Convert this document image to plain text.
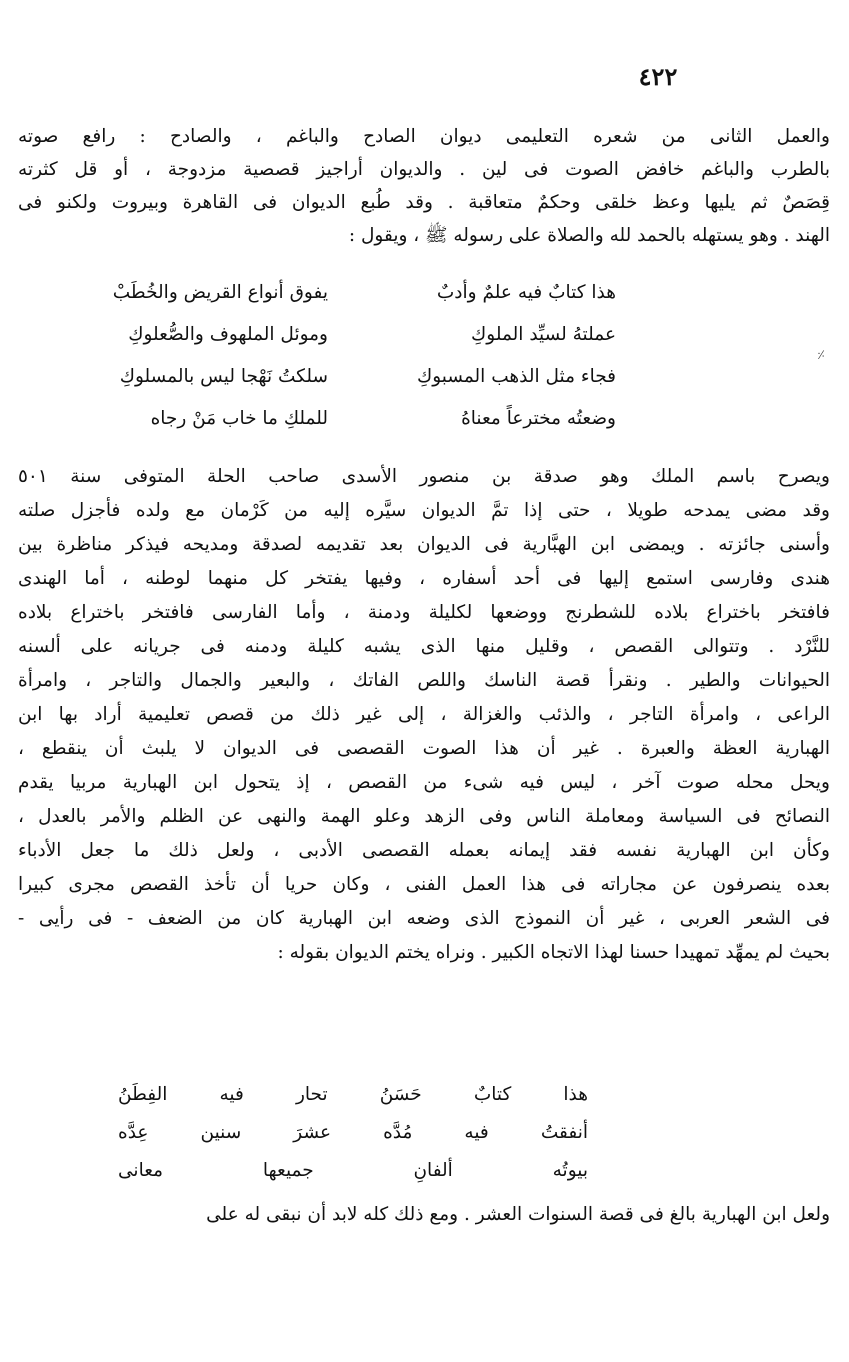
٤٢٢

والعمل الثانى من شعره التعليمى ديوان الصادح والباغم ، والصادح : رافع صوته
بالطرب والباغم خافض الصوت فى لين . والديوان أراجيز قصصية مزدوجة ، أو قل كثرته
قِصَصٌ ثم يليها وعظ خلقى وحكمٌ متعاقبة . وقد طُبع الديوان فى القاهرة وبيروت ولكنو فى
الهند . وهو يستهله بالحمد لله والصلاة على رسوله ﷺ ، ويقول :

هذا كتابٌ فيه علمٌ وأدبٌ
يفوق أنواع القريض والخُطَبْ
عملتهُ لسيِّد الملوكِ
وموئل الملهوف والصُّعلوكِ
فجاء مثل الذهب المسبوكِ
سلكتُ نَهْجا ليس بالمسلوكِ
وضعتُه مخترعاً معناهُ
للملكِ ما خاب مَنْ رجاه
⸓

ويصرح باسم الملك وهو صدقة بن منصور الأسدى صاحب الحلة المتوفى سنة ٥٠١
وقد مضى يمدحه طويلا ، حتى إذا تمَّ الديوان سيَّره إليه من كَرْمان مع ولده فأجزل صلته
وأسنى جائزته . ويمضى ابن الهبَّارية فى الديوان بعد تقديمه لصدقة ومديحه فيذكر مناظرة بين
هندى وفارسى استمع إليها فى أحد أسفاره ، وفيها يفتخر كل منهما لوطنه ، أما الهندى
فافتخر باختراع بلاده للشطرنج ووضعها لكليلة ودمنة ، وأما الفارسى فافتخر باختراع بلاده
للنَّرْد . وتتوالى القصص ، وقليل منها الذى يشبه كليلة ودمنه فى جريانه على ألسنه
الحيوانات والطير . ونقرأ قصة الناسك واللص الفاتك ، والبعير والجمال والتاجر ، وامرأة
الراعى ، وامرأة التاجر ، والذئب والغزالة ، إلى غير ذلك من قصص تعليمية أراد بها ابن
الهبارية العظة والعبرة . غير أن هذا الصوت القصصى فى الديوان لا يلبث أن ينقطع ،
ويحل محله صوت آخر ، ليس فيه شىء من القصص ، إذ يتحول ابن الهبارية مربيا يقدم
النصائح فى السياسة ومعاملة الناس وفى الزهد وعلو الهمة والنهى عن الظلم والأمر بالعدل ،
وكأن ابن الهبارية نفسه فقد إيمانه بعمله القصصى الأدبى ، ولعل ذلك ما جعل الأدباء
بعده ينصرفون عن مجاراته فى هذا العمل الفنى ، وكان حريا أن تأخذ القصص مجرى كبيرا
فى الشعر العربى ، غير أن النموذج الذى وضعه ابن الهبارية كان من الضعف - فى رأيى -
بحيث لم يمهِّد تمهيدا حسنا لهذا الاتجاه الكبير . ونراه يختم الديوان بقوله :

هذا كتابٌ حَسَنُ تحار فيه الفِطَنُ
أنفقتُ فيه مُدَّه عشرَ سنين عِدَّه
بيوتُه ألفانِ جميعها معانى

ولعل ابن الهبارية بالغ فى قصة السنوات العشر . ومع ذلك كله لابد أن نبقى له على
